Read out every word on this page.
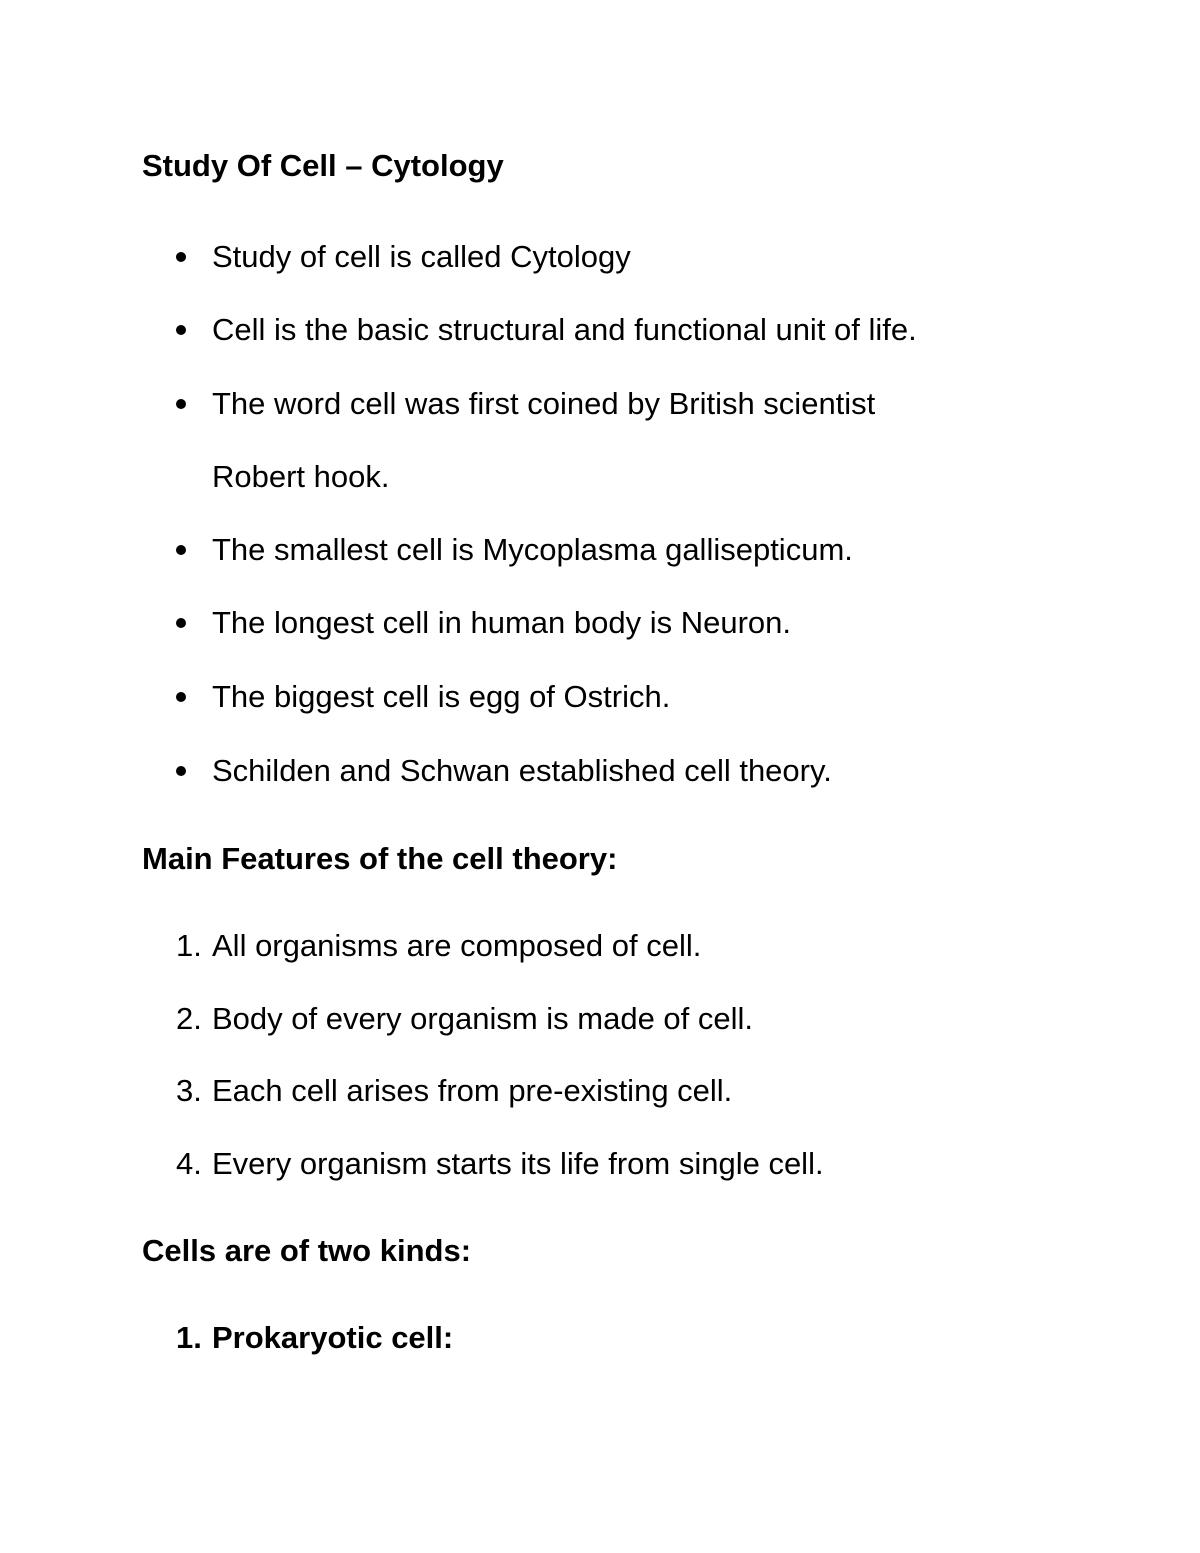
Study Of Cell – Cytology
Study of cell is called Cytology
Cell is the basic structural and functional unit of life.
The word cell was first coined by British scientist
Robert hook.
The smallest cell is Mycoplasma gallisepticum.
The longest cell in human body is Neuron.
The biggest cell is egg of Ostrich.
Schilden and Schwan established cell theory.
Main Features of the cell theory:
1. All organisms are composed of cell.
2. Body of every organism is made of cell.
3. Each cell arises from pre-existing cell.
4. Every organism starts its life from single cell.
Cells are of two kinds:
1. Prokaryotic cell:
